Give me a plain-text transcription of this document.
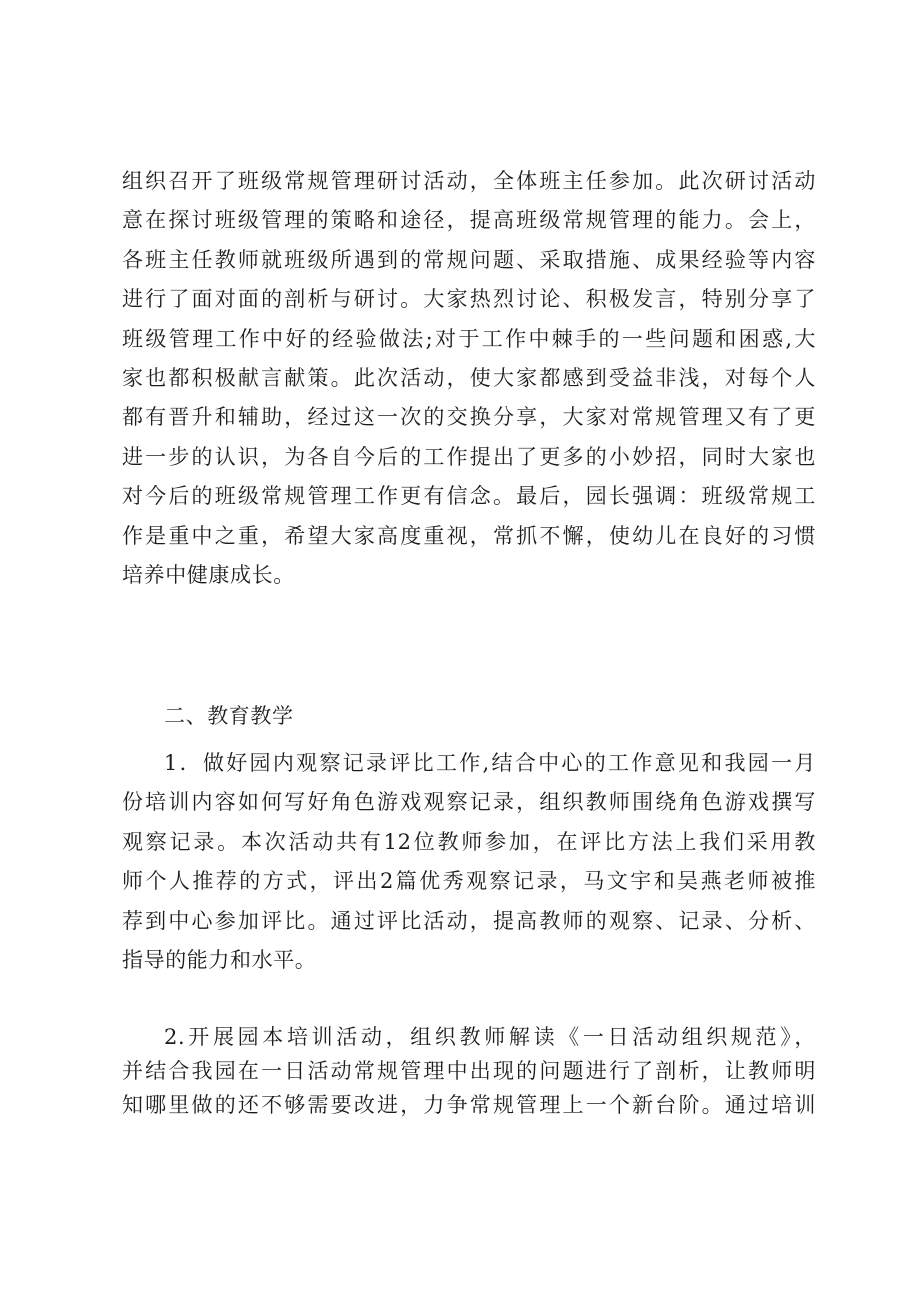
组织召开了班级常规管理研讨活动，全体班主任参加。此次研讨活动
意在探讨班级管理的策略和途径，提高班级常规管理的能力。会上，
各班主任教师就班级所遇到的常规问题、采取措施、成果经验等内容
进行了面对面的剖析与研讨。大家热烈讨论、积极发言，特别分享了
班级管理工作中好的经验做法;对于工作中棘手的一些问题和困惑,大
家也都积极献言献策。此次活动，使大家都感到受益非浅，对每个人
都有晋升和辅助，经过这一次的交换分享，大家对常规管理又有了更
进一步的认识，为各自今后的工作提出了更多的小妙招，同时大家也
对今后的班级常规管理工作更有信念。最后，园长强调：班级常规工
作是重中之重，希望大家高度重视，常抓不懈，使幼儿在良好的习惯
培养中健康成长。
二、教育教学
1．做好园内观察记录评比工作,结合中心的工作意见和我园一月
份培训内容如何写好角色游戏观察记录，组织教师围绕角色游戏撰写
观察记录。本次活动共有12位教师参加，在评比方法上我们采用教
师个人推荐的方式，评出2篇优秀观察记录，马文宇和吴燕老师被推
荐到中心参加评比。通过评比活动，提高教师的观察、记录、分析、
指导的能力和水平。
2.开展园本培训活动，组织教师解读《一日活动组织规范》，
并结合我园在一日活动常规管理中出现的问题进行了剖析，让教师明
知哪里做的还不够需要改进，力争常规管理上一个新台阶。通过培训
